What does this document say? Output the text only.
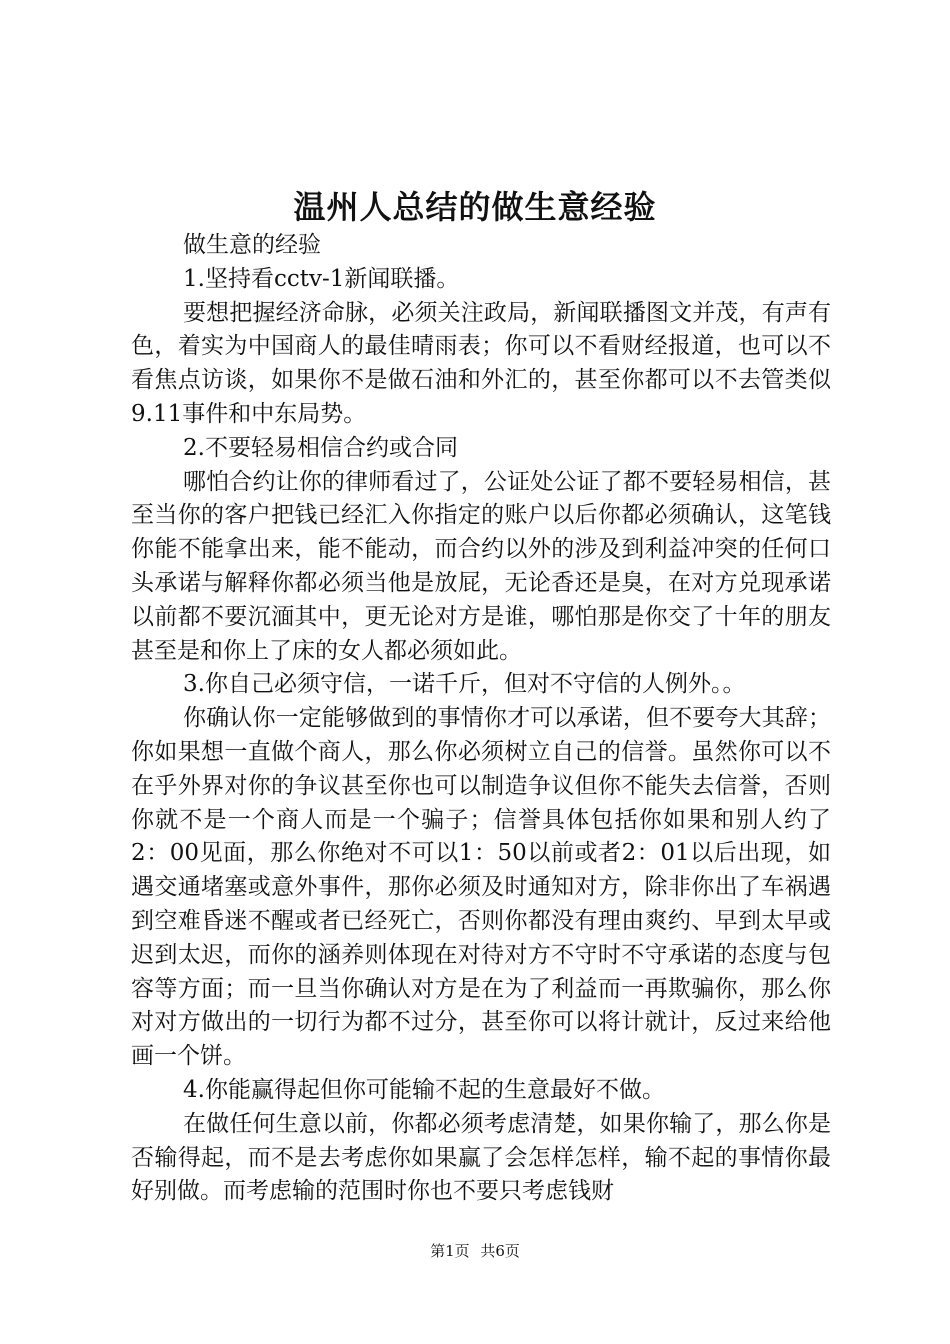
温州人总结的做生意经验

做生意的经验

1.坚持看cctv-1新闻联播。

要想把握经济命脉，必须关注政局，新闻联播图文并茂，有声有色，着实为中国商人的最佳晴雨表；你可以不看财经报道，也可以不看焦点访谈，如果你不是做石油和外汇的，甚至你都可以不去管类似9.11事件和中东局势。

2.不要轻易相信合约或合同

哪怕合约让你的律师看过了，公证处公证了都不要轻易相信，甚至当你的客户把钱已经汇入你指定的账户以后你都必须确认，这笔钱你能不能拿出来，能不能动，而合约以外的涉及到利益冲突的任何口头承诺与解释你都必须当他是放屁，无论香还是臭，在对方兑现承诺以前都不要沉湎其中，更无论对方是谁，哪怕那是你交了十年的朋友甚至是和你上了床的女人都必须如此。

3.你自己必须守信，一诺千斤，但对不守信的人例外。。

你确认你一定能够做到的事情你才可以承诺，但不要夸大其辞；你如果想一直做个商人，那么你必须树立自己的信誉。虽然你可以不在乎外界对你的争议甚至你也可以制造争议但你不能失去信誉，否则你就不是一个商人而是一个骗子；信誉具体包括你如果和别人约了2：00见面，那么你绝对不可以1：50以前或者2：01以后出现，如遇交通堵塞或意外事件，那你必须及时通知对方，除非你出了车祸遇到空难昏迷不醒或者已经死亡，否则你都没有理由爽约、早到太早或迟到太迟，而你的涵养则体现在对待对方不守时不守承诺的态度与包容等方面；而一旦当你确认对方是在为了利益而一再欺骗你，那么你对对方做出的一切行为都不过分，甚至你可以将计就计，反过来给他画一个饼。

4.你能赢得起但你可能输不起的生意最好不做。

在做任何生意以前，你都必须考虑清楚，如果你输了，那么你是否输得起，而不是去考虑你如果赢了会怎样怎样，输不起的事情你最好别做。而考虑输的范围时你也不要只考虑钱财

第1页 共6页
